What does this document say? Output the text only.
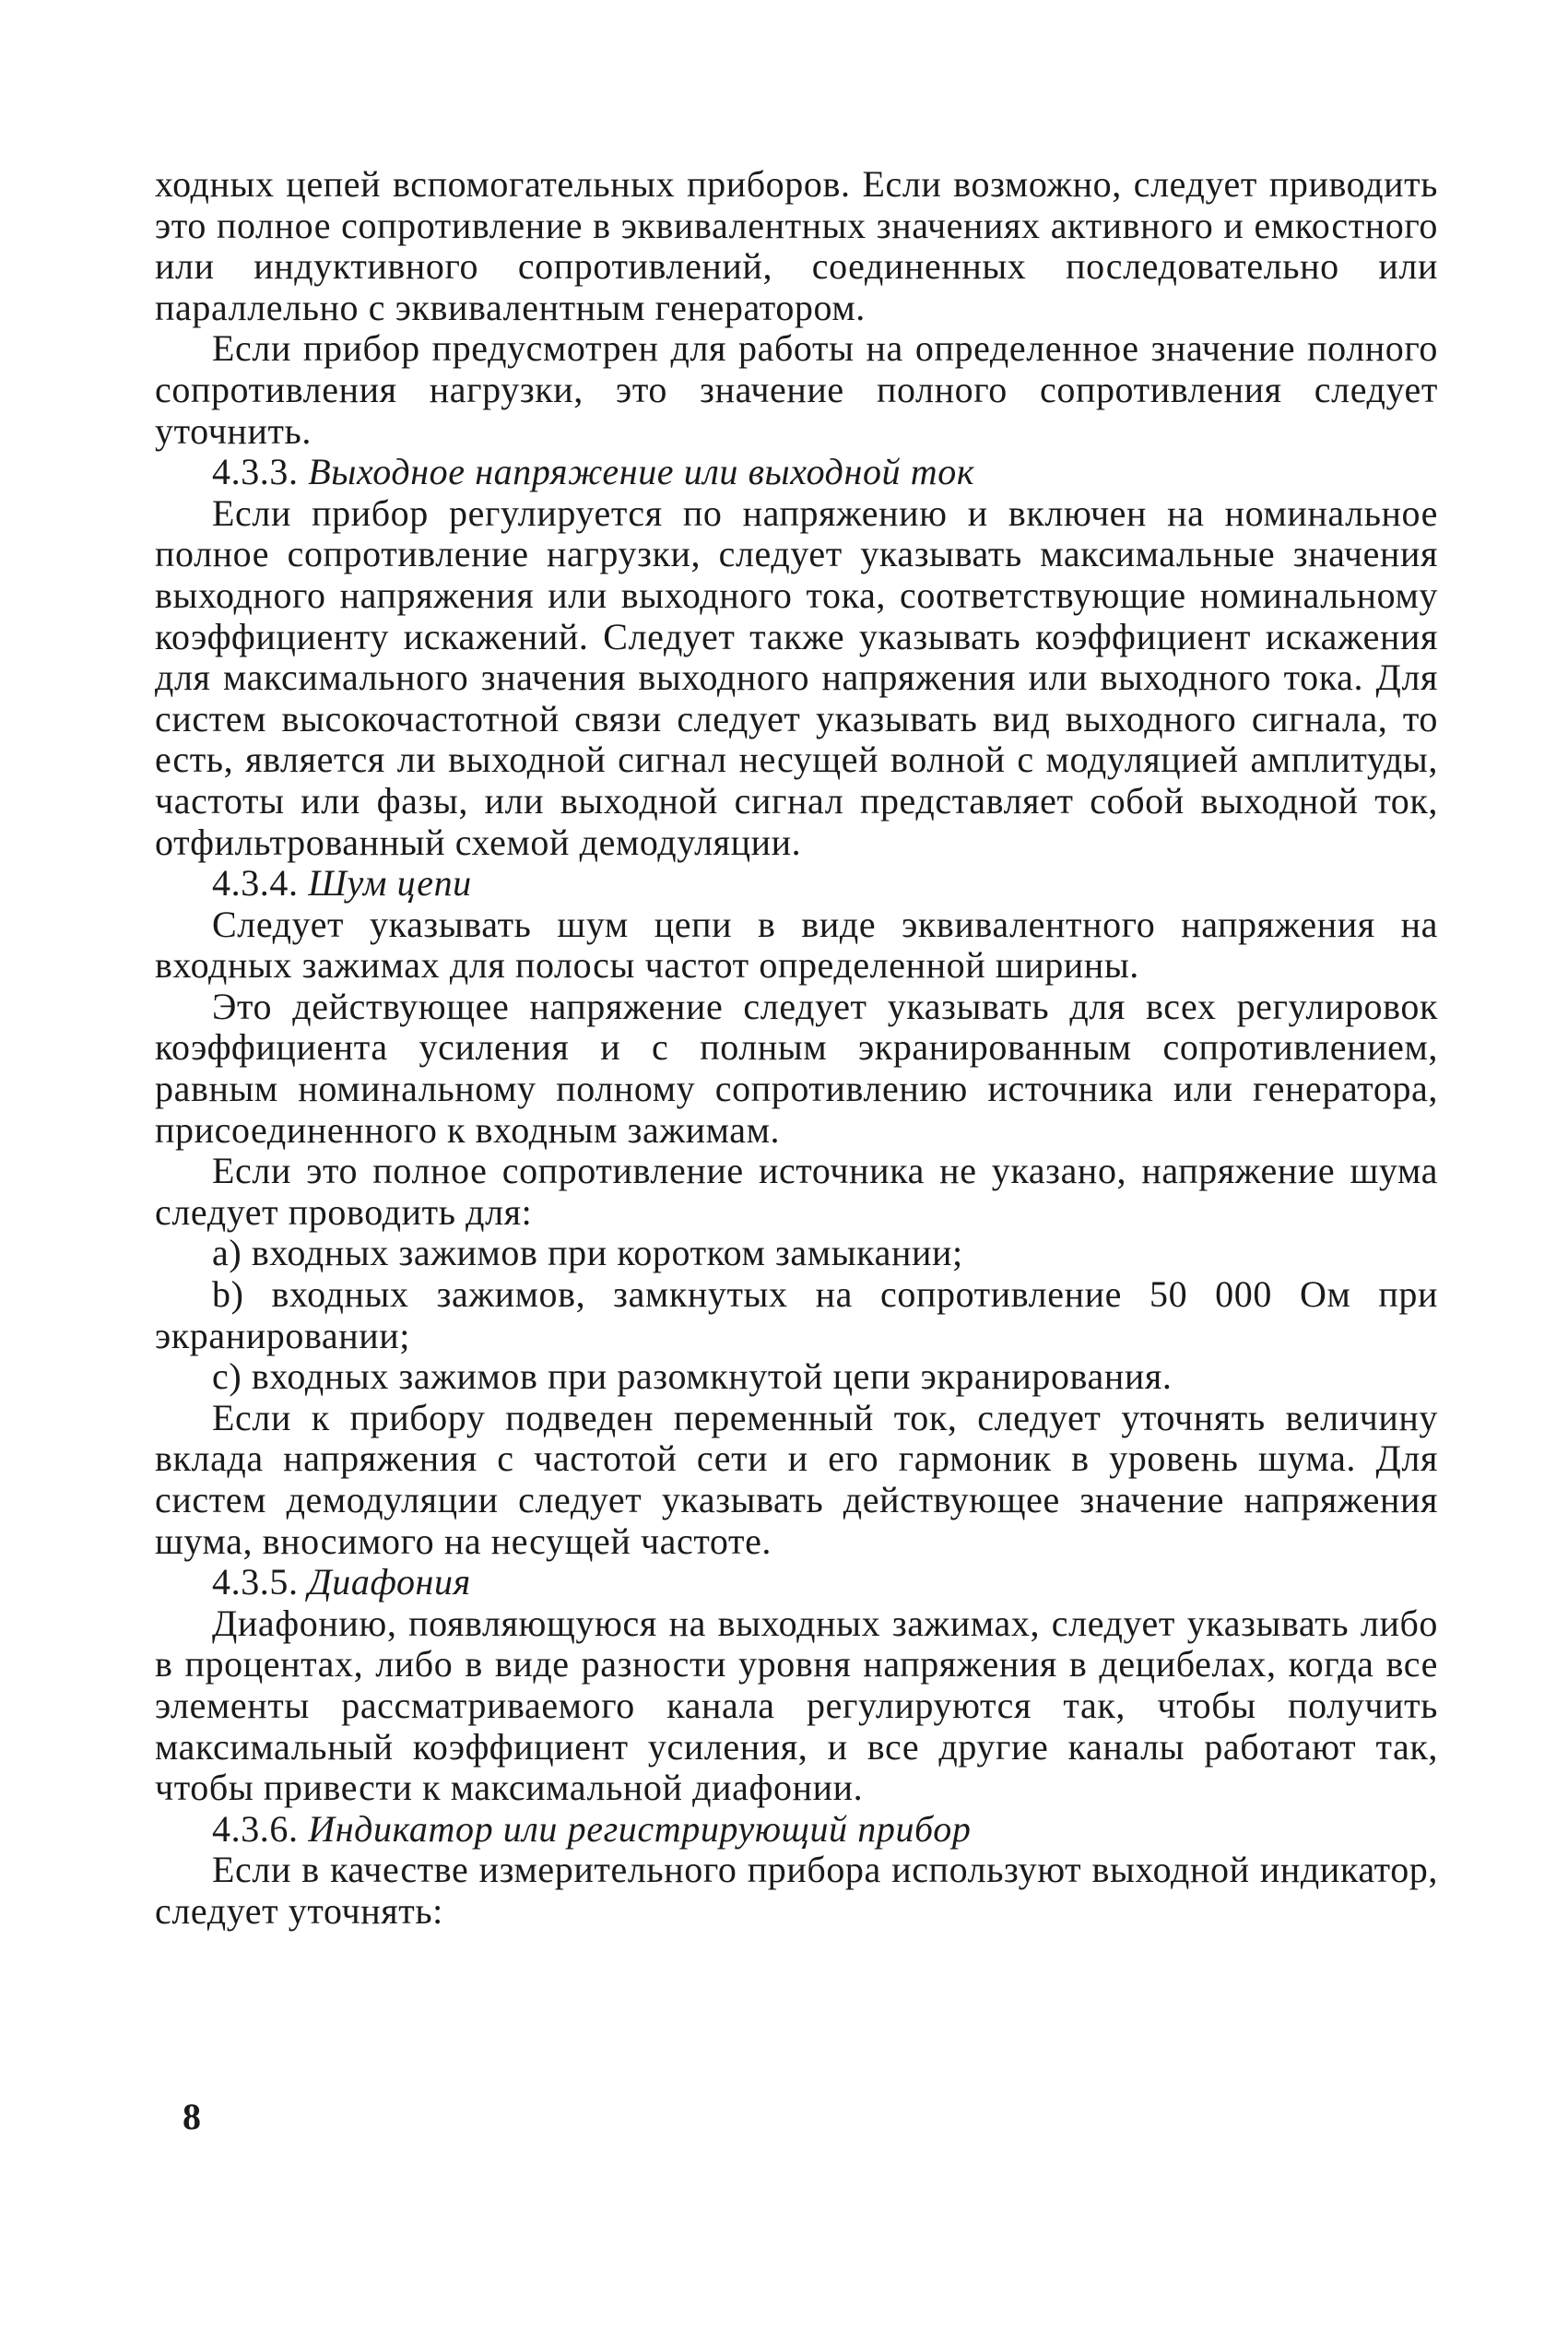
ходных цепей вспомогательных приборов. Если возможно, следует приводить это полное сопротивление в эквивалентных значениях активного и емкостного или индуктивного сопротивлений, соединенных последовательно или параллельно с эквивалентным генератором.

Если прибор предусмотрен для работы на определенное значение полного сопротивления нагрузки, это значение полного сопротивления следует уточнить.

4.3.3. Выходное напряжение или выходной ток

Если прибор регулируется по напряжению и включен на номинальное полное сопротивление нагрузки, следует указывать максимальные значения выходного напряжения или выходного тока, соответствующие номинальному коэффициенту искажений. Следует также указывать коэффициент искажения для максимального значения выходного напряжения или выходного тока. Для систем высокочастотной связи следует указывать вид выходного сигнала, то есть, является ли выходной сигнал несущей волной с модуляцией амплитуды, частоты или фазы, или выходной сигнал представляет собой выходной ток, отфильтрованный схемой демодуляции.

4.3.4. Шум цепи

Следует указывать шум цепи в виде эквивалентного напряжения на входных зажимах для полосы частот определенной ширины.

Это действующее напряжение следует указывать для всех регулировок коэффициента усиления и с полным экранированным сопротивлением, равным номинальному полному сопротивлению источника или генератора, присоединенного к входным зажимам.

Если это полное сопротивление источника не указано, напряжение шума следует проводить для:

a) входных зажимов при коротком замыкании;

b) входных зажимов, замкнутых на сопротивление 50 000 Ом при экранировании;

c) входных зажимов при разомкнутой цепи экранирования.

Если к прибору подведен переменный ток, следует уточнять величину вклада напряжения с частотой сети и его гармоник в уровень шума. Для систем демодуляции следует указывать действующее значение напряжения шума, вносимого на несущей частоте.

4.3.5. Диафония

Диафонию, появляющуюся на выходных зажимах, следует указывать либо в процентах, либо в виде разности уровня напряжения в децибелах, когда все элементы рассматриваемого канала регулируются так, чтобы получить максимальный коэффициент усиления, и все другие каналы работают так, чтобы привести к максимальной диафонии.

4.3.6. Индикатор или регистрирующий прибор

Если в качестве измерительного прибора используют выходной индикатор, следует уточнять:

8
